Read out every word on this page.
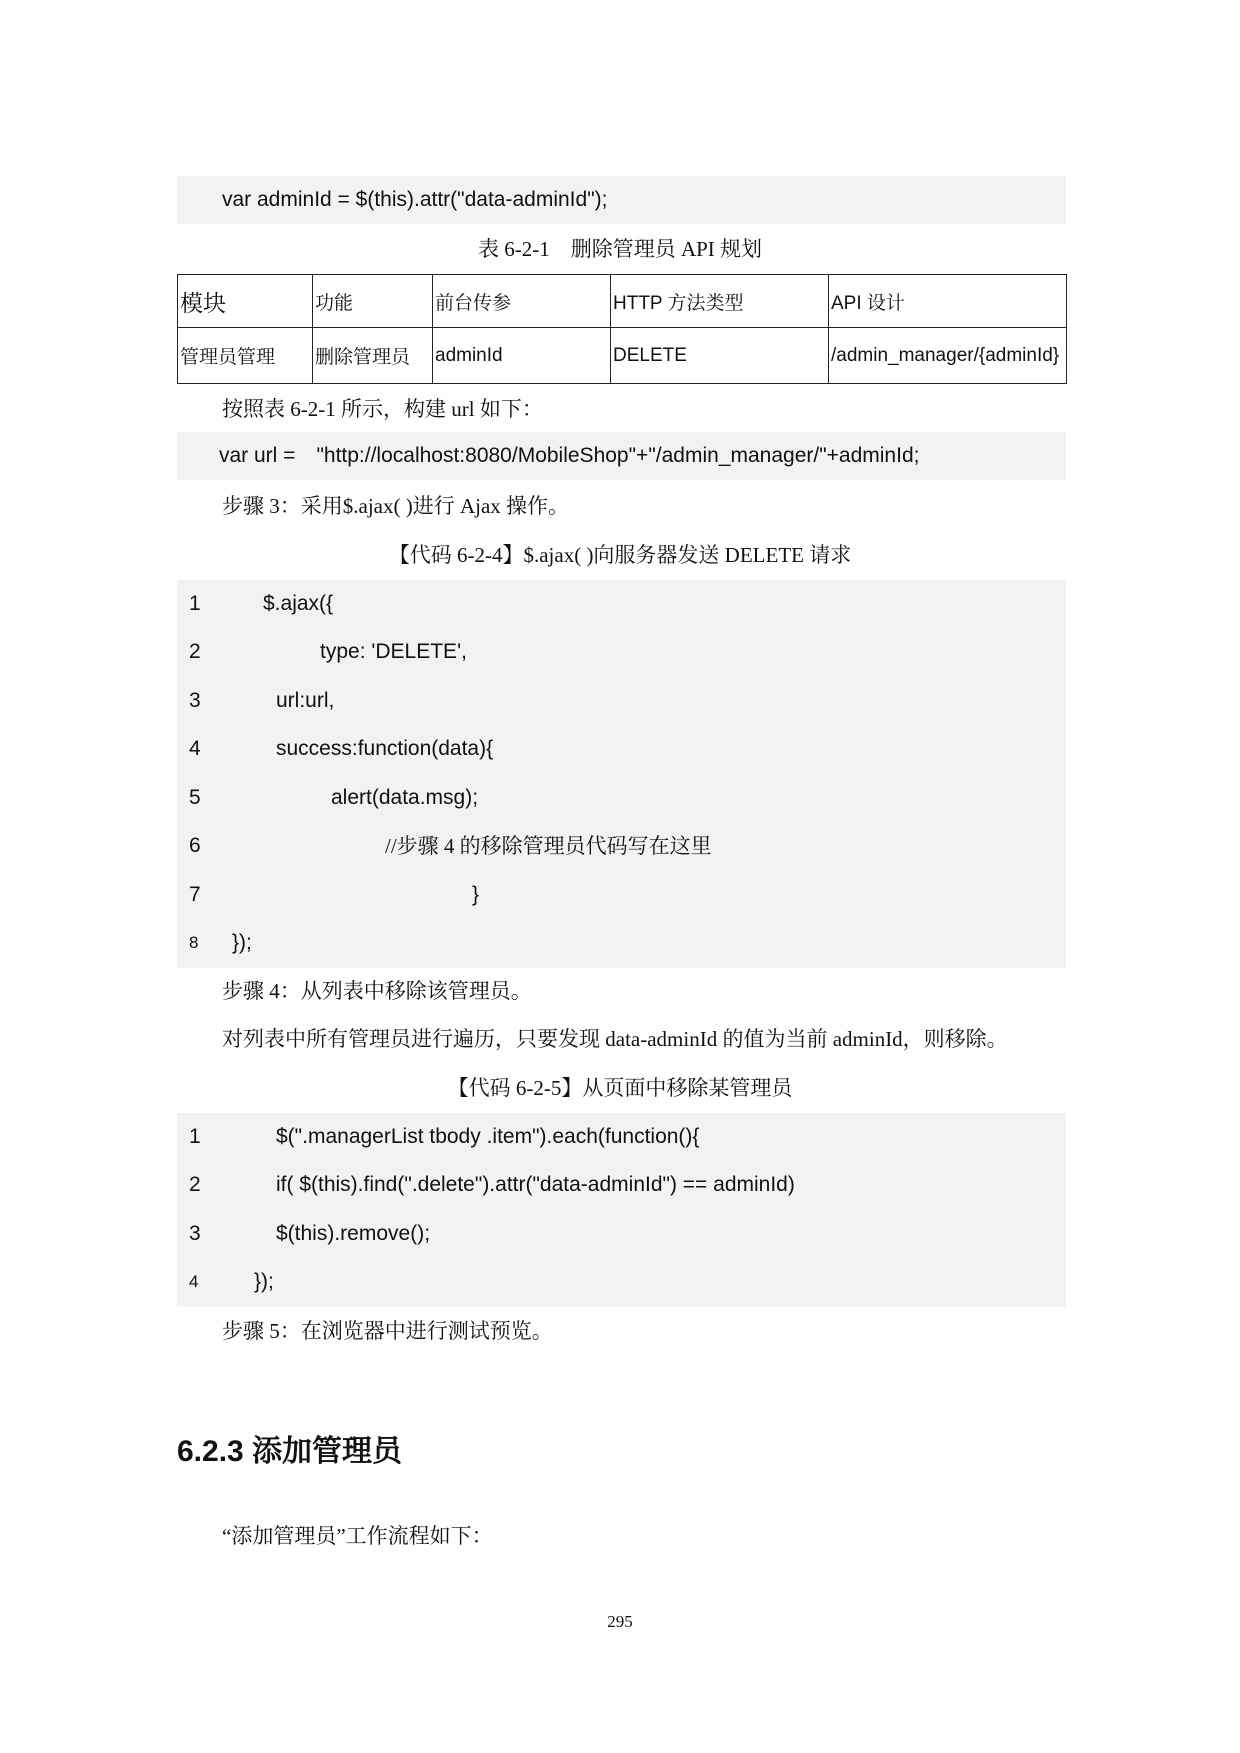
var adminId = $(this).attr("data-adminId");
表 6-2-1　删除管理员 API 规划
模块	功能	前台传参	HTTP 方法类型	API 设计
管理员管理	删除管理员	adminId	DELETE	/admin_manager/{adminId}
按照表 6-2-1 所示，构建 url 如下：
var url =　"http://localhost:8080/MobileShop"+"/admin_manager/"+adminId;
步骤 3：采用$.ajax( )进行 Ajax 操作。
【代码 6-2-4】$.ajax( )向服务器发送 DELETE 请求
1	$.ajax({
2	type: 'DELETE',
3	url:url,
4	success:function(data){
5	alert(data.msg);
6	//步骤 4 的移除管理员代码写在这里
7	}
8 });
步骤 4：从列表中移除该管理员。
对列表中所有管理员进行遍历，只要发现 data-adminId 的值为当前 adminId，则移除。
【代码 6-2-5】从页面中移除某管理员
1	$(".managerList tbody .item").each(function(){
2	if( $(this).find(".delete").attr("data-adminId") == adminId)
3	$(this).remove();
4	});
步骤 5：在浏览器中进行测试预览。
6.2.3 添加管理员
“添加管理员”工作流程如下：
295
